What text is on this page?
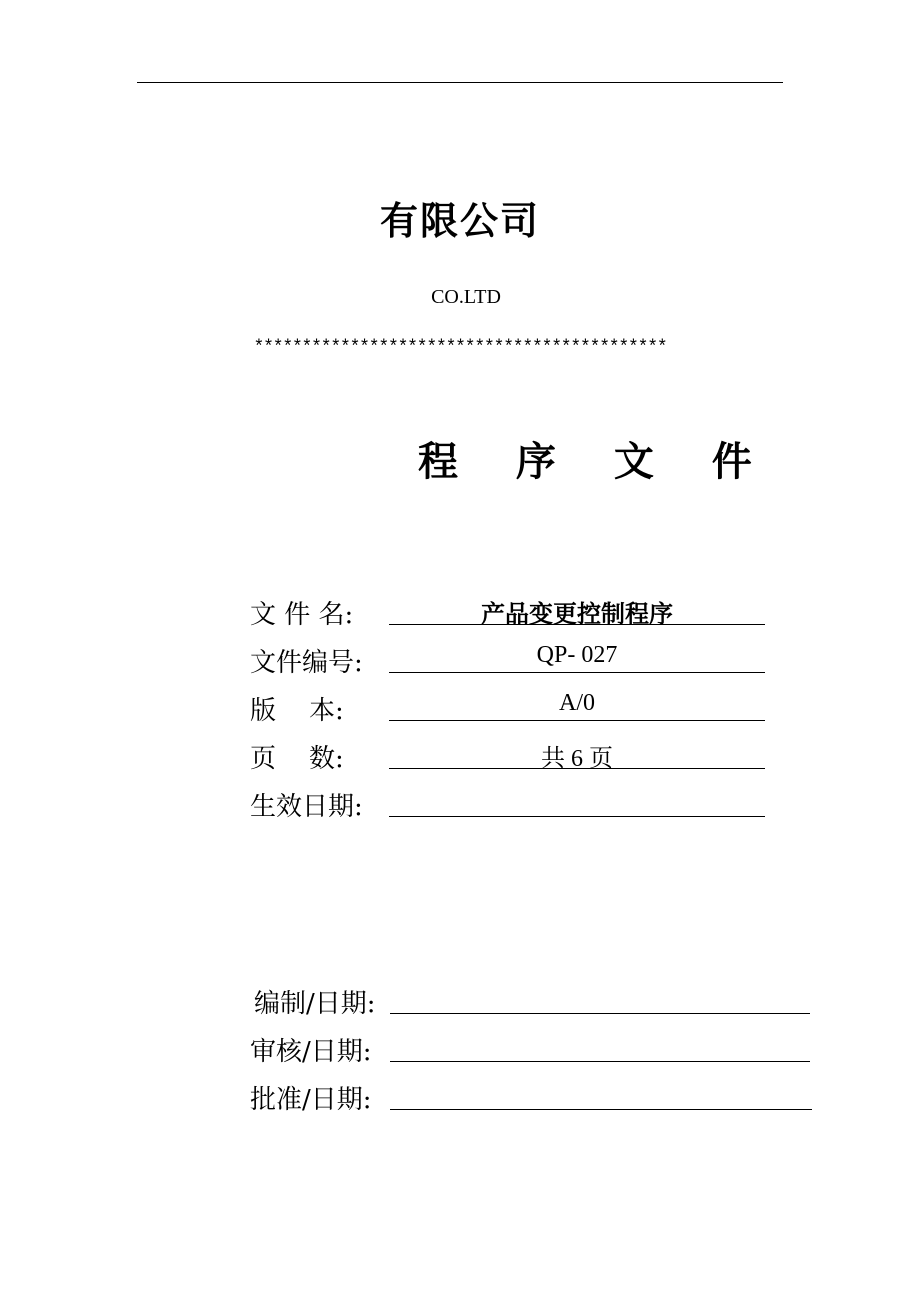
有限公司
CO.LTD
*******************************************
程 序 文 件
文 件 名:	产品变更控制程序
文件编号:	QP- 027
版    本:	A/0
页    数:	共 6 页
生效日期:
编制/日期:
审核/日期:
批准/日期:
